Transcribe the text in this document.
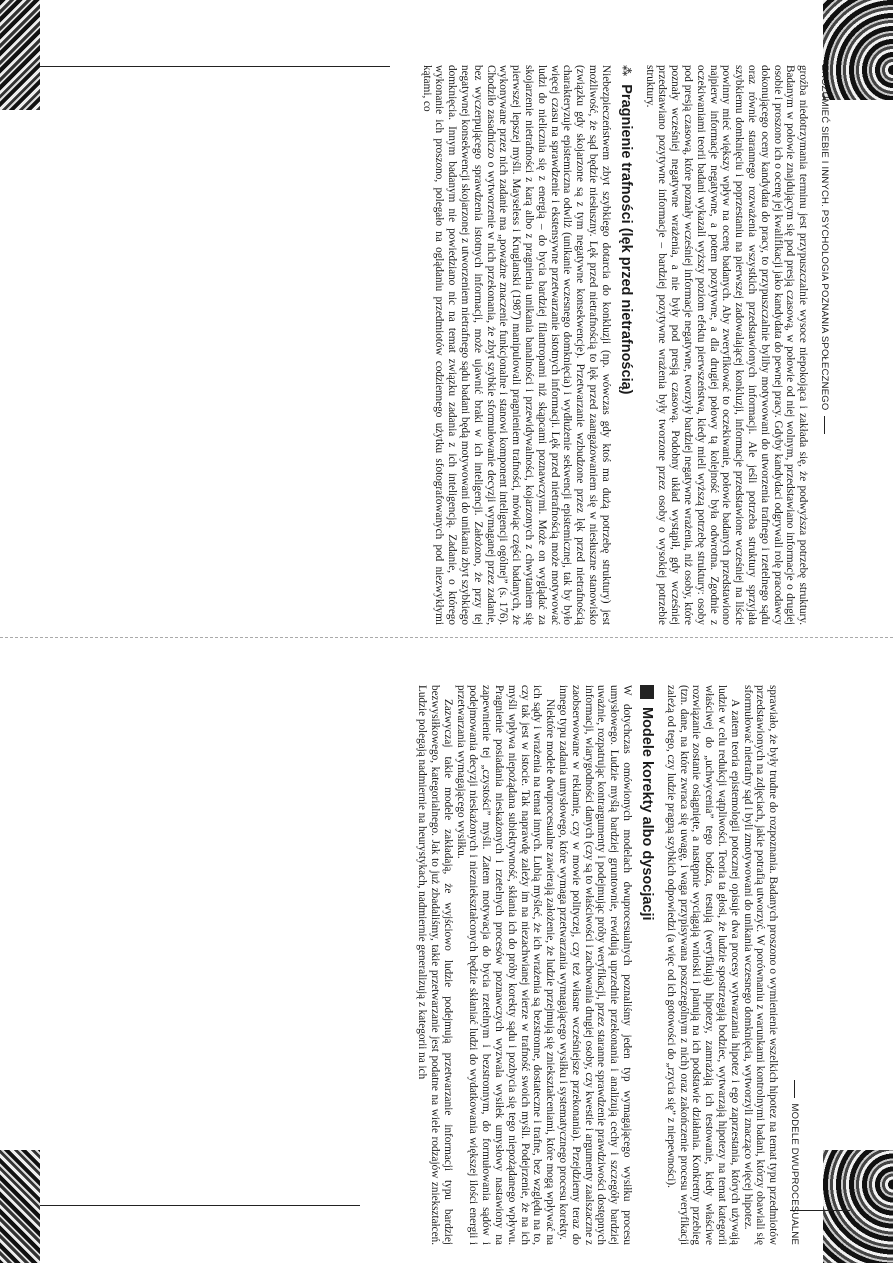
ZROZUMIEĆ SIEBIE I INNYCH. PSYCHOLOGIA POZNANIA SPOŁECZNEGO

groźba niedotrzymania terminu jest przypuszczalnie wysoce niepokojąca i zakłada się, że podwyższa potrzebę struktury. Badanym w połowie znajdującym się pod presją czasową, w połowie od niej wolnym, przedstawiano informacje o drugiej osobie i proszono ich o ocenę jej kwalifikacji jako kandydata do pewnej pracy. Gdyby kandydaci odgrywali rolę pracodawcy dokonującego oceny kandydata do pracy, to przypuszczalnie byliby motywowani do utworzenia trafnego i rzetelnego sądu oraz równie starannego rozważenia wszystkich przedstawionych informacji. Ale jeśli potrzeba struktury sprzyjała szybkiemu domknięciu i poprzestaniu na pierwszej zadowalającej konkluzji, informacje przedstawione wcześniej na liście powinny mieć większy wpływ na ocenę badanych. Aby zweryfikować to oczekiwanie, połowie badanych przedstawiono najpierw informacje negatywne, a potem pozytywne, a dla drugiej połowy tą kolejność była odwrotna. Zgodnie z oczekiwaniami teorii badani wykazali wyższy poziom efektu pierwszeństwa, kiedy mieli wyższą potrzebę struktury: osoby pod presją czasową, które poznały wcześniej informacje negatywne, tworzyły bardziej negatywne wrażenia, niż osoby, które poznały wcześniej negatywne wrażenia, a nie były pod presją czasową. Podobny układ wystąpił, gdy wcześniej przedstawiano pozytywne informacje – bardziej pozytywne wrażenia były tworzone przez osoby o wysokiej potrzebie struktury.

⁂
Pragnienie trafności (lęk przed nietrafnością)

Niebezpieczeństwem zbyt szybkiego dotarcia do konkluzji (np. wówczas gdy ktoś ma dużą potrzebę struktury) jest możliwość, że sąd będzie niesłuszny. Lęk przed nietrafnością to lęk przed zaangażowaniem się w niesłuszne stanowisko (związku gdy skojarzone są z tym negatywne konsekwencje). Przetwarzanie wzbudzone przez lęk przed nietrafnością charakteryzuje epistemiczna odwilż (unikanie wczesnego domknięcia) i wydłużenie sekwencji epistemicznej, tak by było więcej czasu na sprawdzenie i ekstensywne przetwarzanie istotnych informacji. Lęk przed nietrafnością może motywować ludzi do nielicznia się z energią – do bycia bardziej filantropami niż skąpcami poznawczymi. Może on wyglądać za skojarzenie nietrafności z karą albo z pragnienia unikania banalności i przewidywalności, kojarzonych z chwytaniem się pierwszej lepszej myśli. Mayseless i Kruglanski (1987) manipulowali pragnieniem trafności, mówiąc części badanych, że wykonywane przez nich zadanie ma „poważne znaczenie funkcjonalne i stanowi komponent inteligencji ogólnej” (s. 176). Chodziło zasadniczo o wytworzenie w nich przekonania, że zbyt szybkie sformułowanie decyzji wymaganej przez zadanie, bez wyczerpującego sprawdzenia istotnych informacji, może ujawnić braki w ich inteligencji. Założono, że przy tej negatywnej konsekwencji skojarzonej z utworzeniem nietrafnego sądu badani będą motywowani do unikania zbyt szybkiego domknięcia. Innym badanym nie powiedziano nic na temat związku zadania z ich inteligencją. Zadanie, o którego wykonanie ich proszono, polegało na oglądaniu przedmiotów codziennego użytku sfotografowanych pod niezwykłymi kątami, co

MODELE DWUPROCESUALNE

sprawiało, że były trudne do rozpoznania. Badanych proszono o wymienienie wszelkich hipotez na temat typu przedmiotów przedstawionych na zdjęciach, jakie potrafią utworzyć. W porównaniu z warunkami kontrolnymi badani, którzy obawiali się sformułować nietrafny sąd i byli zmotywowani do unikania wczesnego domknięcia, wytworzyli znacząco więcej hipotez.

A zatem teoria epistemologii potocznej opisuje dwa procesy wytwarzania hipotez i ego zaprzestania, których używają ludzie w celu redukcji wątpliwości. Teoria ta głosi, że ludzie spostrzegają bodziec, wytwarzają hipotezy na temat kategorii właściwej do „uchwycenia” tego bodźca, testują (weryfikują) hipotezy, zamrażają ich testowanie, kiedy właściwe rozwiązanie zostanie osiągnięte, a następnie wyciągają wnioski i planują na ich podstawie działania. Konkretny przebieg (tzn. dane, na które zwraca się uwagę, i waga przypisywana poszczególnym z nich) oraz zakończenie procesu weryfikacji zależą od tego, czy ludzie pragną szybkich odpowiedzi (a więc od ich gotowości do „rzycia się” z niepewności).

Modele korekty albo dysocjacji

W dotychczas omówionych modelach dwuprocesualnych poznaliśmy jeden typ wymagającego wysiłku procesu umysłowego. Ludzie myślą bardziej gruntownie, rewidują uprzednie przekonania i analizują cechy i szczegóły bardziej uważnie, rozpatrując kontrargumenty i podejmując próby weryfikacji, przez staranne sprawdzenie prawdziwości dostępnych informacji, wiarygodności danych (czy są to właściwości i zachowania drugiej osoby, czy kwestie i argumenty zaalszaczne z zaobserwowane w reklamie, czy w mowie polityczej, czy też własne wcześniejsze przekonania). Przejdziemy teraz do innego typu zadania umysłowego, które wymaga przetwarzania wymagającego wysiłku i systematycznego procesu korekty.

Niektóre modele dwuprocesualne zawierają założenie, że ludzie przejmują się zniekształceniami, które mogą wpływać na ich sądy i wrażenia na temat innych. Lubią myśleć, że ich wrażenia są bezstronne, dostateczne i trafne, bez względu na to, czy tak jest w istocie. Tak naprawdę zależy im na niezachwianej wierze w trafność swoich myśli. Podejrzenie, że na ich myśli wpływa niepożądana subiektywność, skłania ich do próby korekty sądu i pozbycia się tego niepożądanego wpływu. Pragnienie posiadania nieskażonych i rzetelnych procesów poznawczych wyzwala wysiłek umysłowy nastawiony na zapewnienie tej „czystości” myśli. Zatem motywacja do bycia rzetelnym i bezstronnym, do formułowania sądów i podejmowania decyzji nieskażonych i niezniekształconych będzie skłaniać ludzi do wydatkowania większej ilości energii i przetwarzania wymagającego wysiłku.

Zazwyczaj takie modele zakładają, że wyjściowo ludzie podejmują przetwarzanie informacji typu bardziej bezwysiłkowego, kategorialnego. Jak to już zbadaliśmy, takie przetwarzanie jest podatne na wiele rodzajów zniekształceń. Ludzie polegają nadmiernie na heurystykach, nadmiernie generalizują z kategorii na ich
